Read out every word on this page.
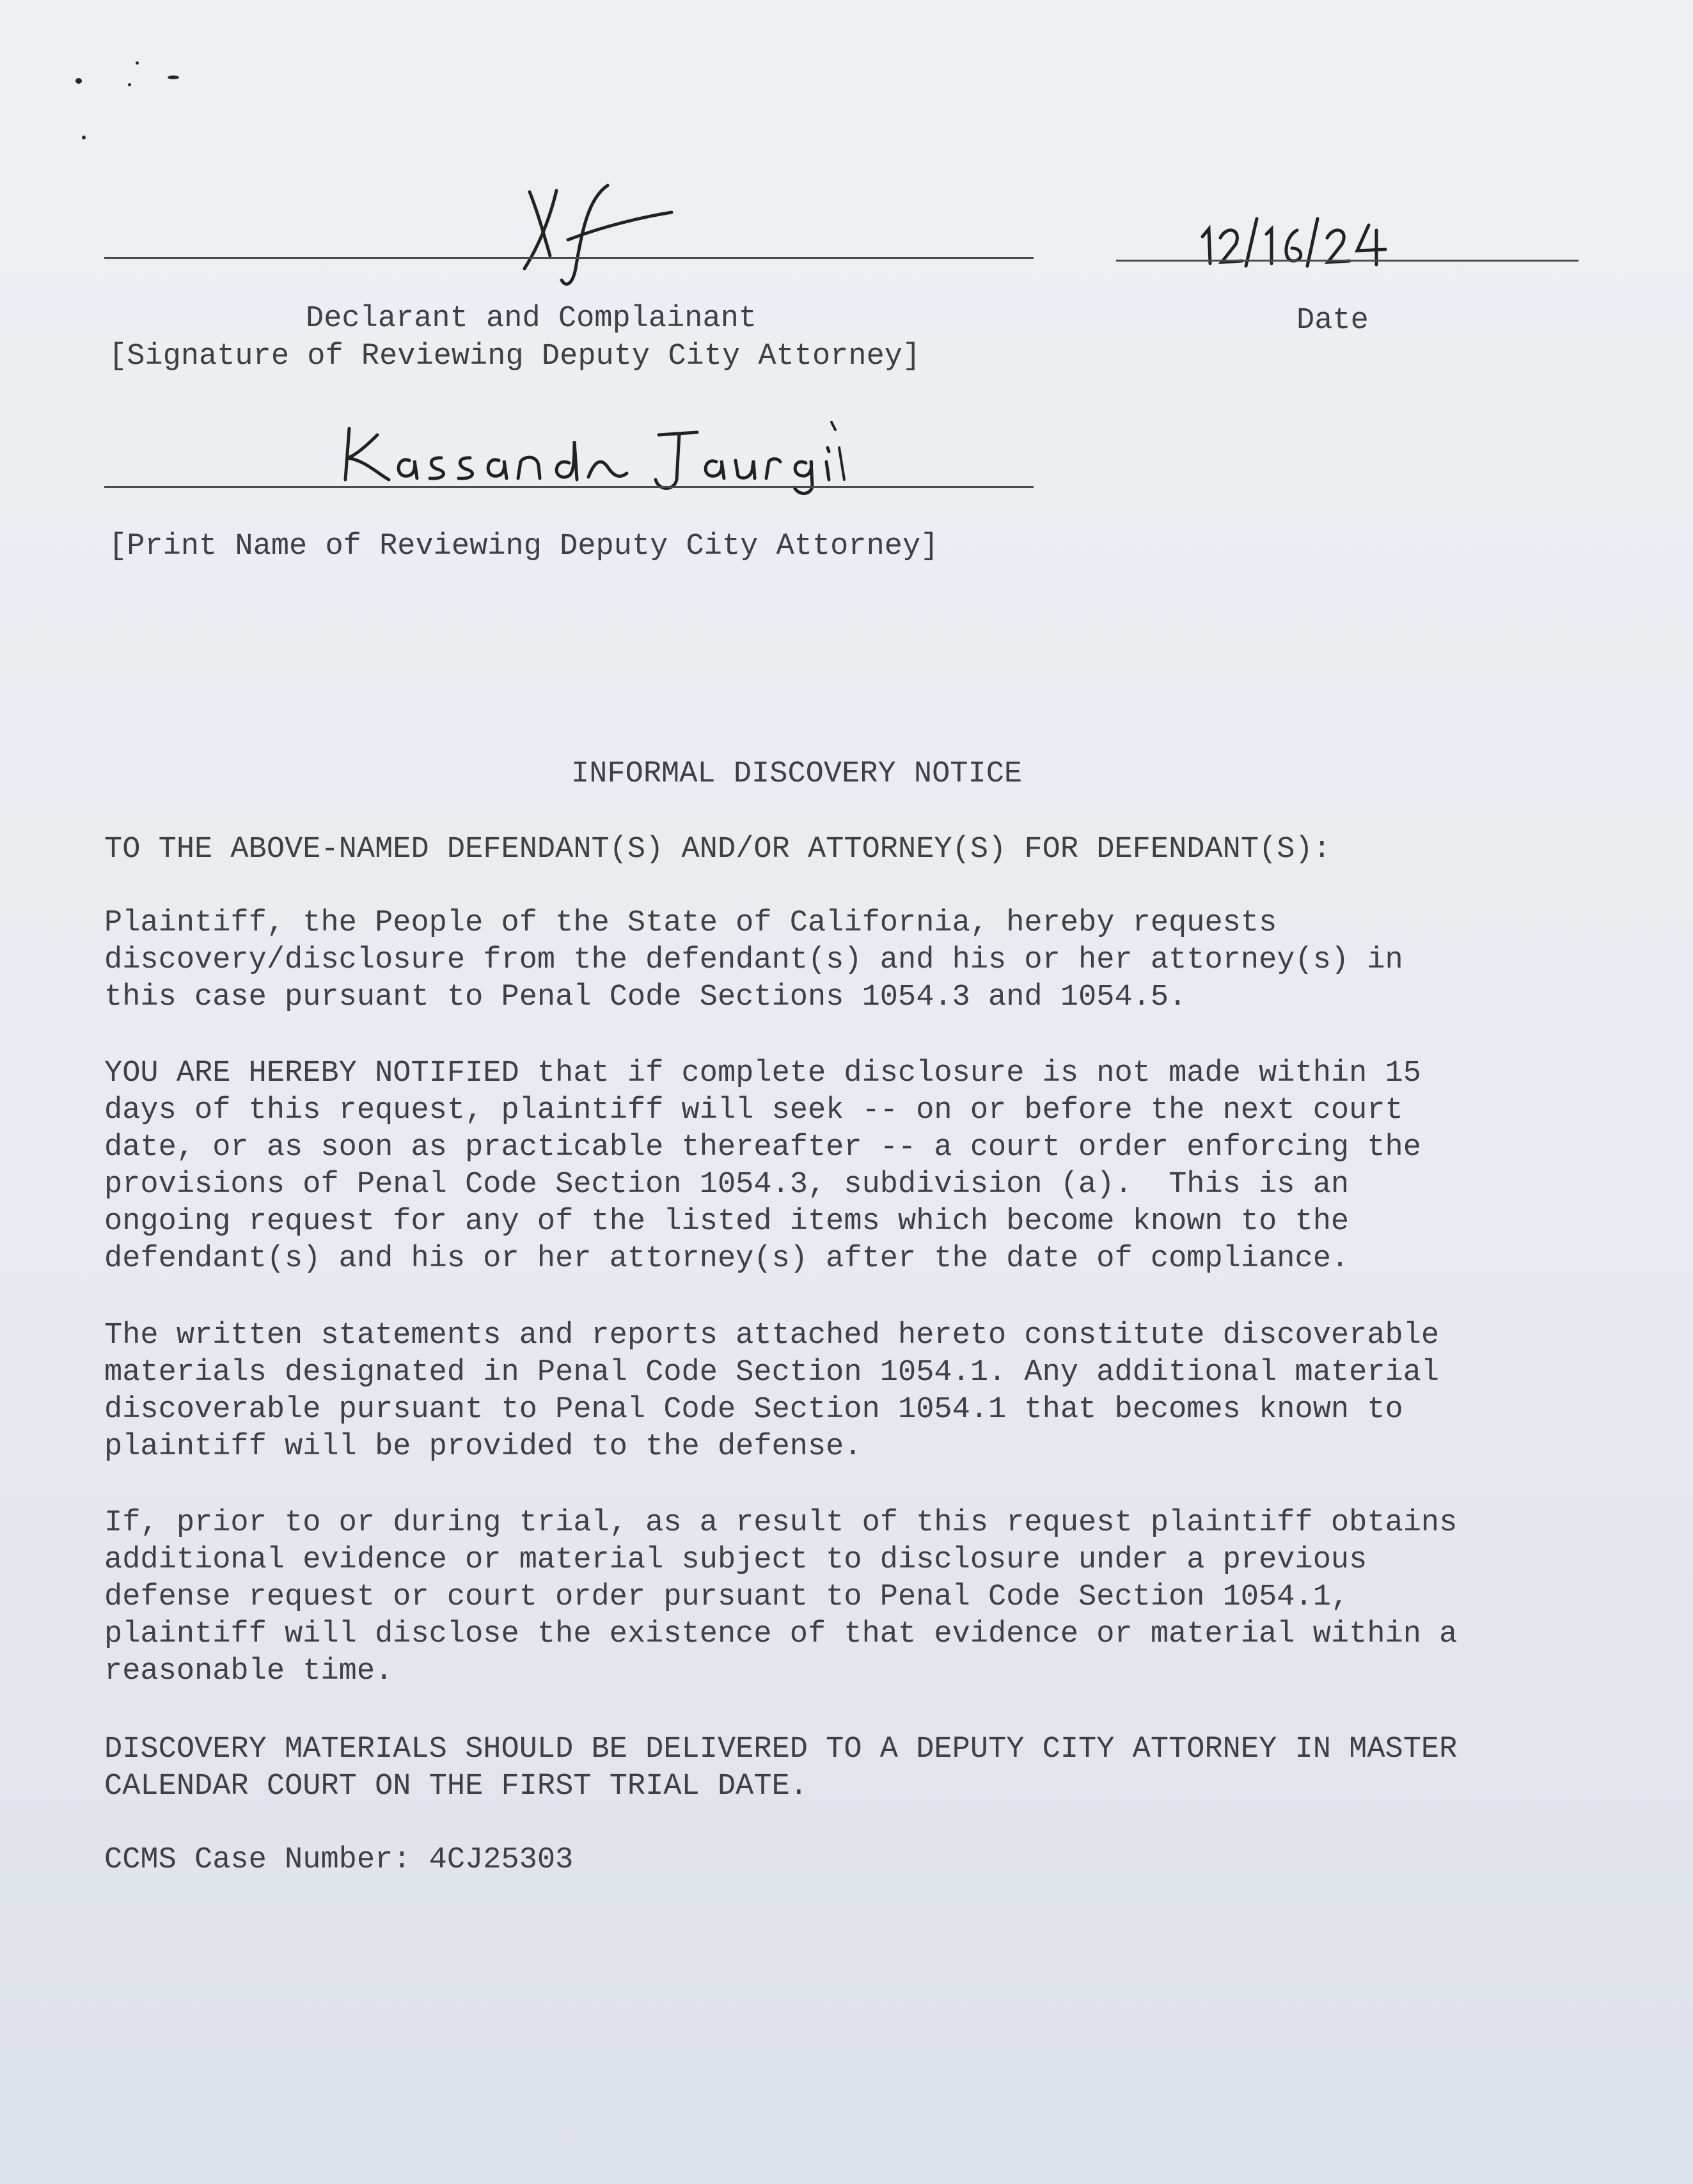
Declarant and Complainant

[Signature of Reviewing Deputy City Attorney]

Date

[Print Name of Reviewing Deputy City Attorney]

INFORMAL DISCOVERY NOTICE

TO THE ABOVE-NAMED DEFENDANT(S) AND/OR ATTORNEY(S) FOR DEFENDANT(S):

Plaintiff, the People of the State of California, hereby requests
discovery/disclosure from the defendant(s) and his or her attorney(s) in
this case pursuant to Penal Code Sections 1054.3 and 1054.5.

YOU ARE HEREBY NOTIFIED that if complete disclosure is not made within 15
days of this request, plaintiff will seek -- on or before the next court
date, or as soon as practicable thereafter -- a court order enforcing the
provisions of Penal Code Section 1054.3, subdivision (a).  This is an
ongoing request for any of the listed items which become known to the
defendant(s) and his or her attorney(s) after the date of compliance.

The written statements and reports attached hereto constitute discoverable
materials designated in Penal Code Section 1054.1. Any additional material
discoverable pursuant to Penal Code Section 1054.1 that becomes known to
plaintiff will be provided to the defense.

If, prior to or during trial, as a result of this request plaintiff obtains
additional evidence or material subject to disclosure under a previous
defense request or court order pursuant to Penal Code Section 1054.1,
plaintiff will disclose the existence of that evidence or material within a
reasonable time.

DISCOVERY MATERIALS SHOULD BE DELIVERED TO A DEPUTY CITY ATTORNEY IN MASTER
CALENDAR COURT ON THE FIRST TRIAL DATE.

CCMS Case Number: 4CJ25303
